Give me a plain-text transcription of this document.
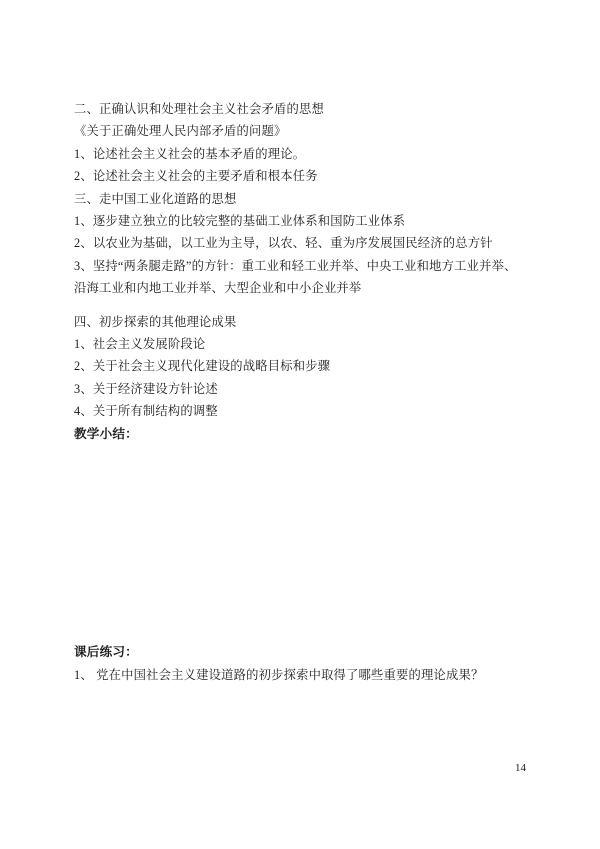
二、正确认识和处理社会主义社会矛盾的思想
《关于正确处理人民内部矛盾的问题》
1、论述社会主义社会的基本矛盾的理论。
2、论述社会主义社会的主要矛盾和根本任务
三、走中国工业化道路的思想
1、逐步建立独立的比较完整的基础工业体系和国防工业体系
2、以农业为基础，以工业为主导，以农、轻、重为序发展国民经济的总方针
3、坚持“两条腿走路”的方针：重工业和轻工业并举、中央工业和地方工业并举、
沿海工业和内地工业并举、大型企业和中小企业并举
四、初步探索的其他理论成果
1、社会主义发展阶段论
2、关于社会主义现代化建设的战略目标和步骤
3、关于经济建设方针论述
4、关于所有制结构的调整
教学小结：
课后练习：
1、 党在中国社会主义建设道路的初步探索中取得了哪些重要的理论成果？
14
